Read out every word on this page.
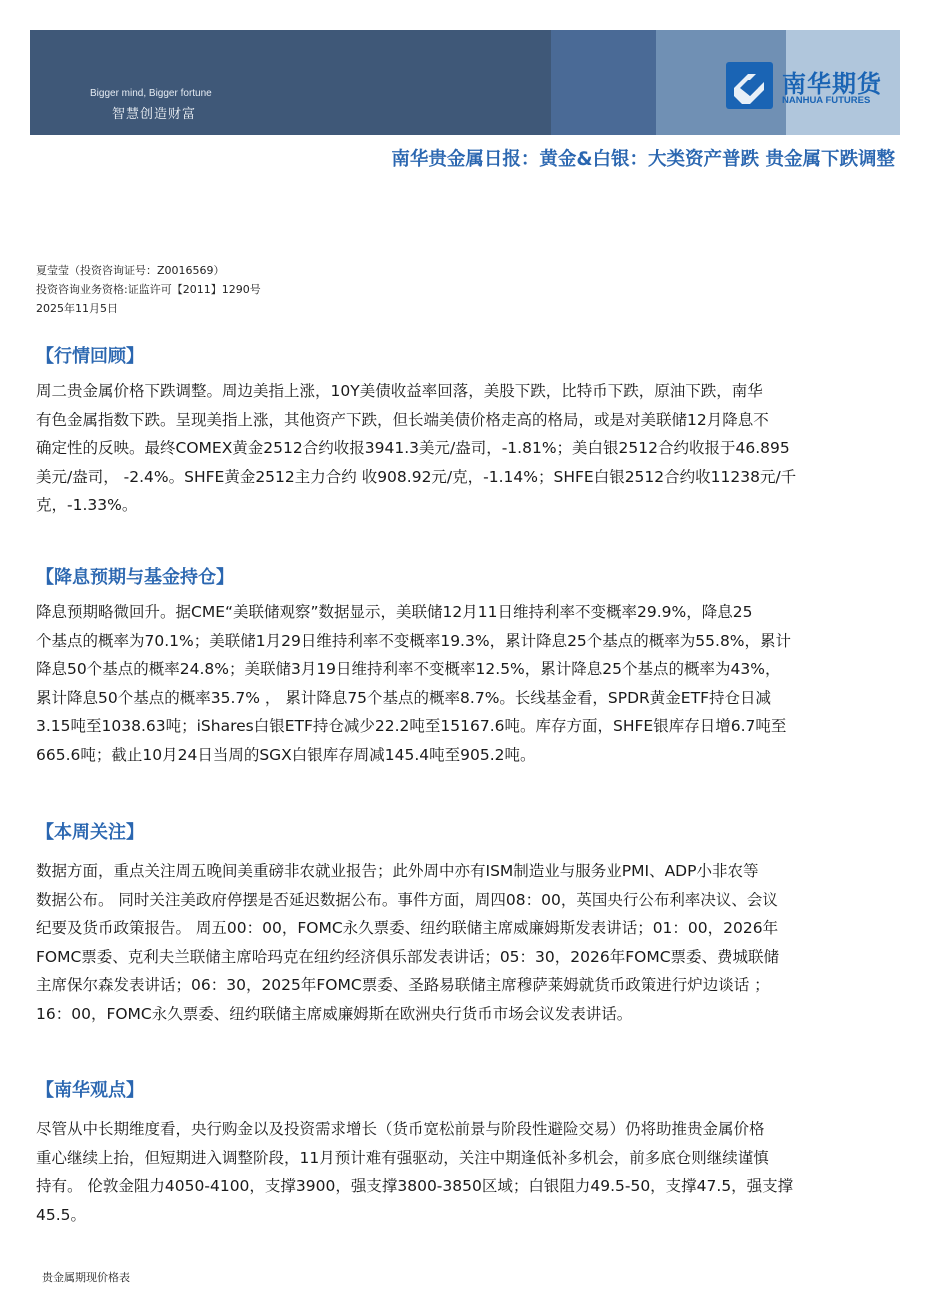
Bigger mind, Bigger fortune
智慧创造财富
南华期货
NANHUA FUTURES
南华贵金属日报：黄金&白银：大类资产普跌 贵金属下跌调整
夏莹莹（投资咨询证号：Z0016569）
投资咨询业务资格:证监许可【2011】1290号
2025年11月5日
【行情回顾】
周二贵金属价格下跌调整。周边美指上涨，10Y美债收益率回落，美股下跌，比特币下跌，原油下跌，南华
有色金属指数下跌。呈现美指上涨，其他资产下跌，但长端美债价格走高的格局，或是对美联储12月降息不
确定性的反映。最终COMEX黄金2512合约收报3941.3美元/盎司，-1.81%；美白银2512合约收报于46.895
美元/盎司， -2.4%。SHFE黄金2512主力合约 收908.92元/克，-1.14%；SHFE白银2512合约收11238元/千
克，-1.33%。
【降息预期与基金持仓】
降息预期略微回升。据CME“美联储观察”数据显示，美联储12月11日维持利率不变概率29.9%，降息25
个基点的概率为70.1%；美联储1月29日维持利率不变概率19.3%，累计降息25个基点的概率为55.8%，累计
降息50个基点的概率24.8%；美联储3月19日维持利率不变概率12.5%，累计降息25个基点的概率为43%，
累计降息50个基点的概率35.7% ， 累计降息75个基点的概率8.7%。长线基金看，SPDR黄金ETF持仓日减
3.15吨至1038.63吨；iShares白银ETF持仓减少22.2吨至15167.6吨。库存方面，SHFE银库存日增6.7吨至
665.6吨；截止10月24日当周的SGX白银库存周减145.4吨至905.2吨。
【本周关注】
数据方面，重点关注周五晚间美重磅非农就业报告；此外周中亦有ISM制造业与服务业PMI、ADP小非农等
数据公布。 同时关注美政府停摆是否延迟数据公布。事件方面，周四08：00，英国央行公布利率决议、会议
纪要及货币政策报告。 周五00：00，FOMC永久票委、纽约联储主席威廉姆斯发表讲话；01：00，2026年
FOMC票委、克利夫兰联储主席哈玛克在纽约经济俱乐部发表讲话；05：30，2026年FOMC票委、费城联储
主席保尔森发表讲话；06：30，2025年FOMC票委、圣路易联储主席穆萨莱姆就货币政策进行炉边谈话 ；
16：00，FOMC永久票委、纽约联储主席威廉姆斯在欧洲央行货币市场会议发表讲话。
【南华观点】
尽管从中长期维度看，央行购金以及投资需求增长（货币宽松前景与阶段性避险交易）仍将助推贵金属价格
重心继续上抬，但短期进入调整阶段，11月预计难有强驱动，关注中期逢低补多机会，前多底仓则继续谨慎
持有。 伦敦金阻力4050-4100，支撑3900，强支撑3800-3850区域；白银阻力49.5-50，支撑47.5，强支撑
45.5。
贵金属期现价格表
